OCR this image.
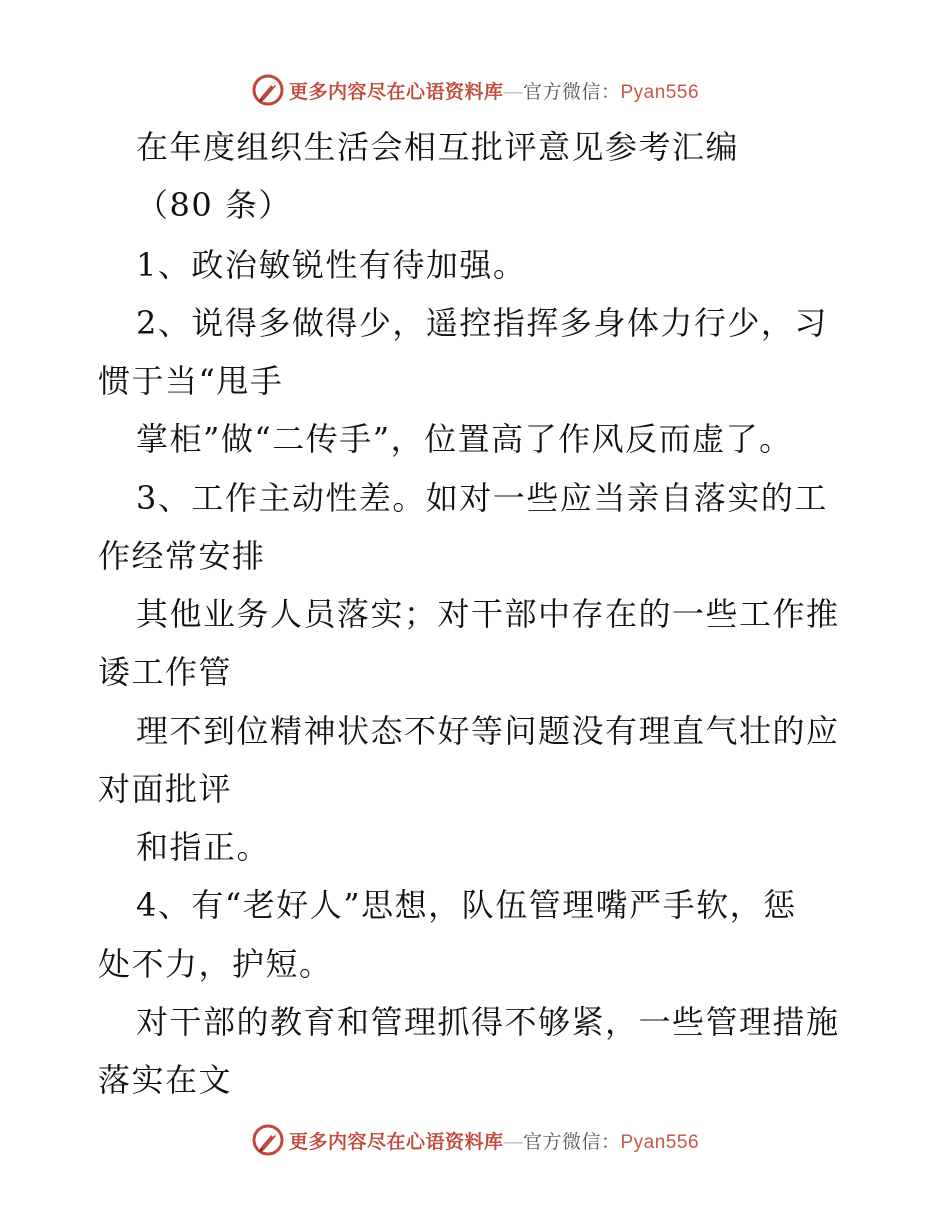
更多内容尽在心语资料库—官方微信：Pyan556
在年度组织生活会相互批评意见参考汇编
（80 条）
1、政治敏锐性有待加强。
2、说得多做得少，遥控指挥多身体力行少，习
惯于当“甩手
掌柜”做“二传手”，位置高了作风反而虚了。
3、工作主动性差。如对一些应当亲自落实的工
作经常安排
其他业务人员落实；对干部中存在的一些工作推
诿工作管
理不到位精神状态不好等问题没有理直气壮的应
对面批评
和指正。
4、有“老好人”思想，队伍管理嘴严手软，惩
处不力，护短。
对干部的教育和管理抓得不够紧，一些管理措施
落实在文
更多内容尽在心语资料库—官方微信：Pyan556
